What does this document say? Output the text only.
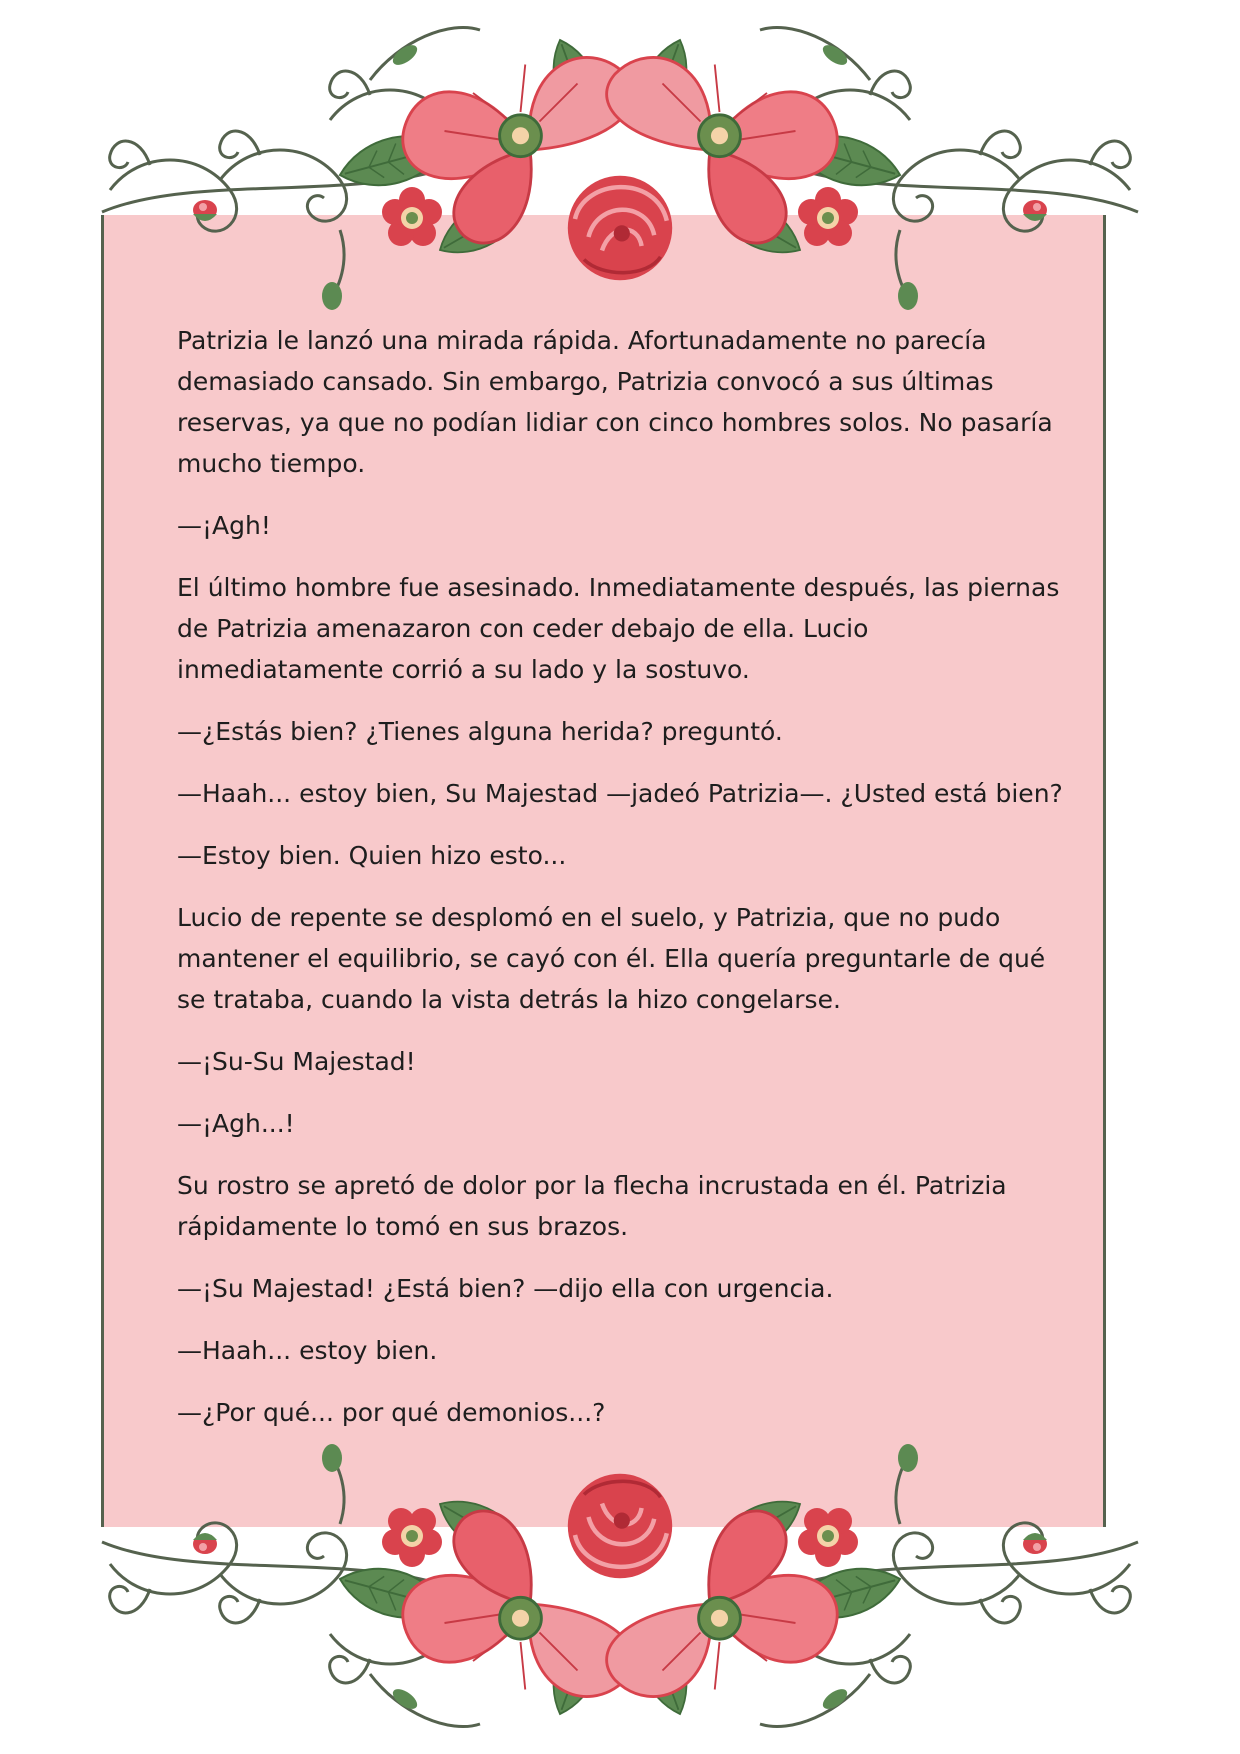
Patrizia le lanzó una mirada rápida. Afortunadamente no parecía demasiado cansado. Sin embargo, Patrizia convocó a sus últimas reservas, ya que no podían lidiar con cinco hombres solos. No pasaría mucho tiempo.

—¡Agh!

El último hombre fue asesinado. Inmediatamente después, las piernas de Patrizia amenazaron con ceder debajo de ella. Lucio inmediatamente corrió a su lado y la sostuvo.

—¿Estás bien? ¿Tienes alguna herida? preguntó.

—Haah... estoy bien, Su Majestad —jadeó Patrizia—. ¿Usted está bien?

—Estoy bien. Quien hizo esto...

Lucio de repente se desplomó en el suelo, y Patrizia, que no pudo mantener el equilibrio, se cayó con él. Ella quería preguntarle de qué se trataba, cuando la vista detrás la hizo congelarse.

—¡Su-Su Majestad!

—¡Agh...!

Su rostro se apretó de dolor por la flecha incrustada en él. Patrizia rápidamente lo tomó en sus brazos.

—¡Su Majestad! ¿Está bien? —dijo ella con urgencia.

—Haah... estoy bien.

—¿Por qué... por qué demonios...?
